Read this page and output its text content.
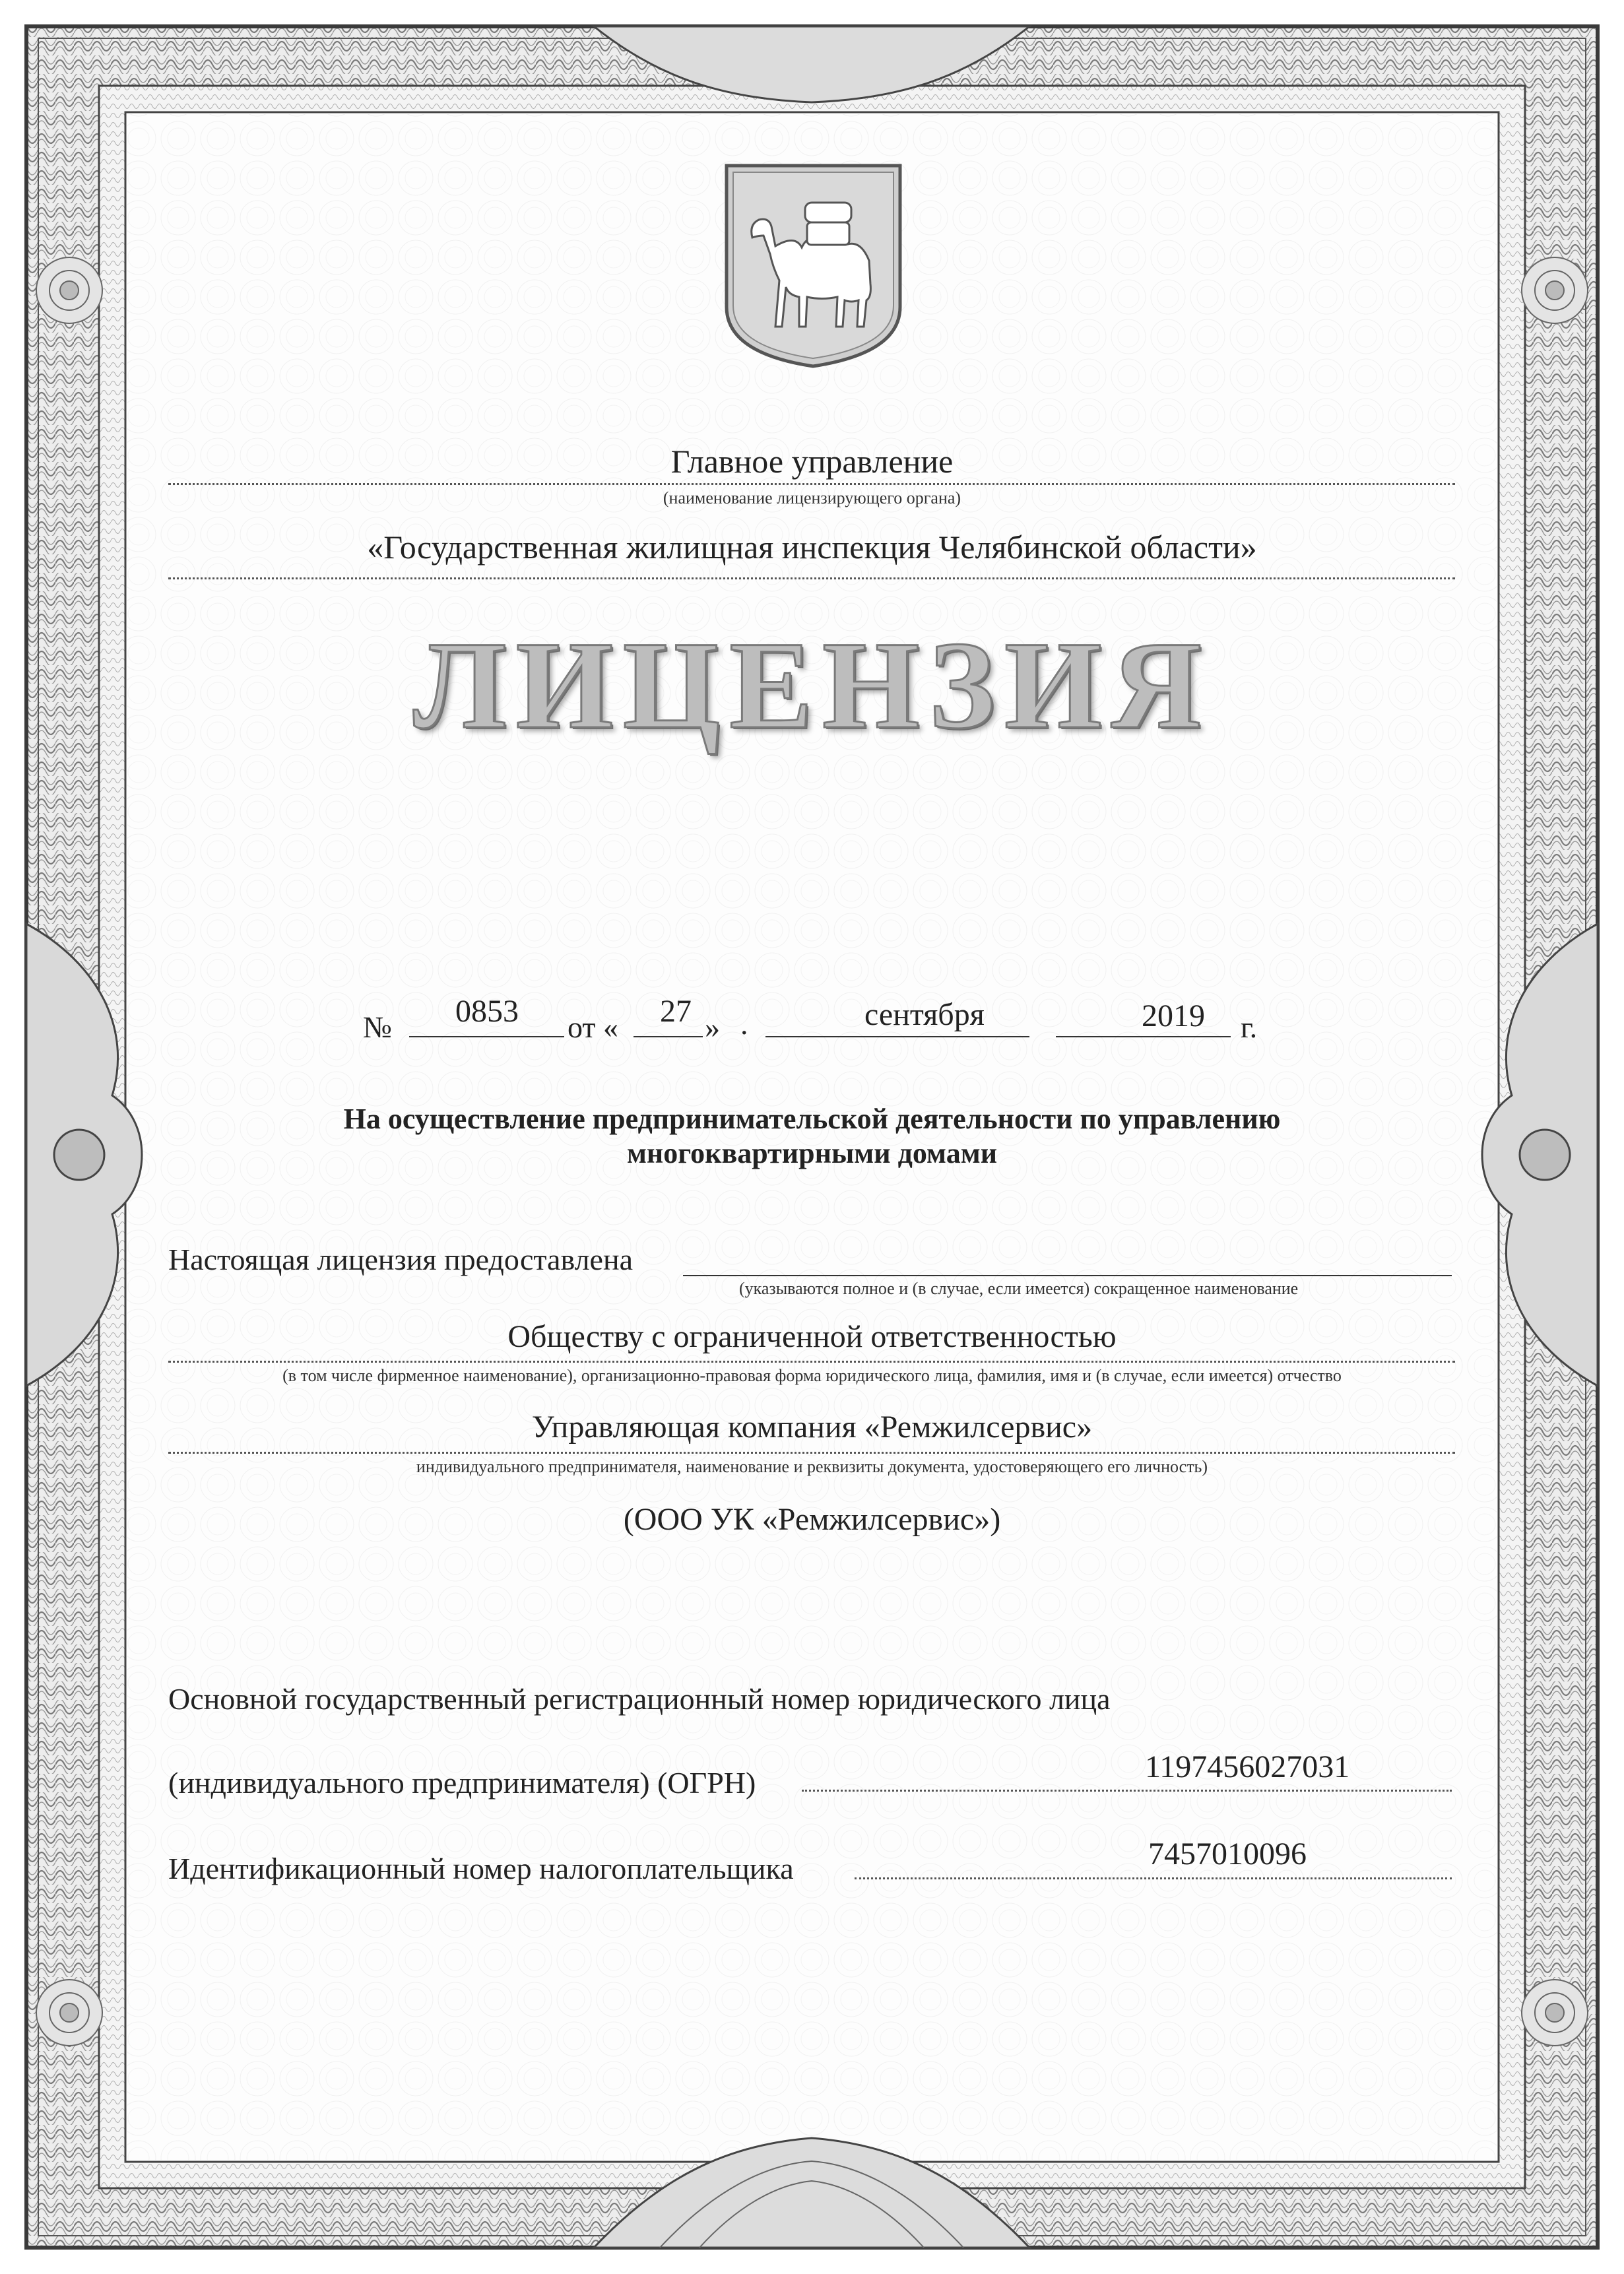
Главное управление
(наименование лицензирующего органа)
«Государственная жилищная инспекция Челябинской области»
ЛИЦЕНЗИЯ
№ 0853 от « 27 » .	сентября	2019 г.
На осуществление предпринимательской деятельности по управлению
многоквартирными домами
Настоящая лицензия предоставлена
(указываются полное и (в случае, если имеется) сокращенное наименование
Обществу с ограниченной ответственностью
(в том числе фирменное наименование), организационно-правовая форма юридического лица, фамилия, имя и (в случае, если имеется) отчество
Управляющая компания «Ремжилсервис»
индивидуального предпринимателя, наименование и реквизиты документа, удостоверяющего его личность)
(ООО УК «Ремжилсервис»)
Основной государственный регистрационный номер юридического лица
(индивидуального предпринимателя) (ОГРН)	1197456027031
Идентификационный номер налогоплательщика	7457010096
